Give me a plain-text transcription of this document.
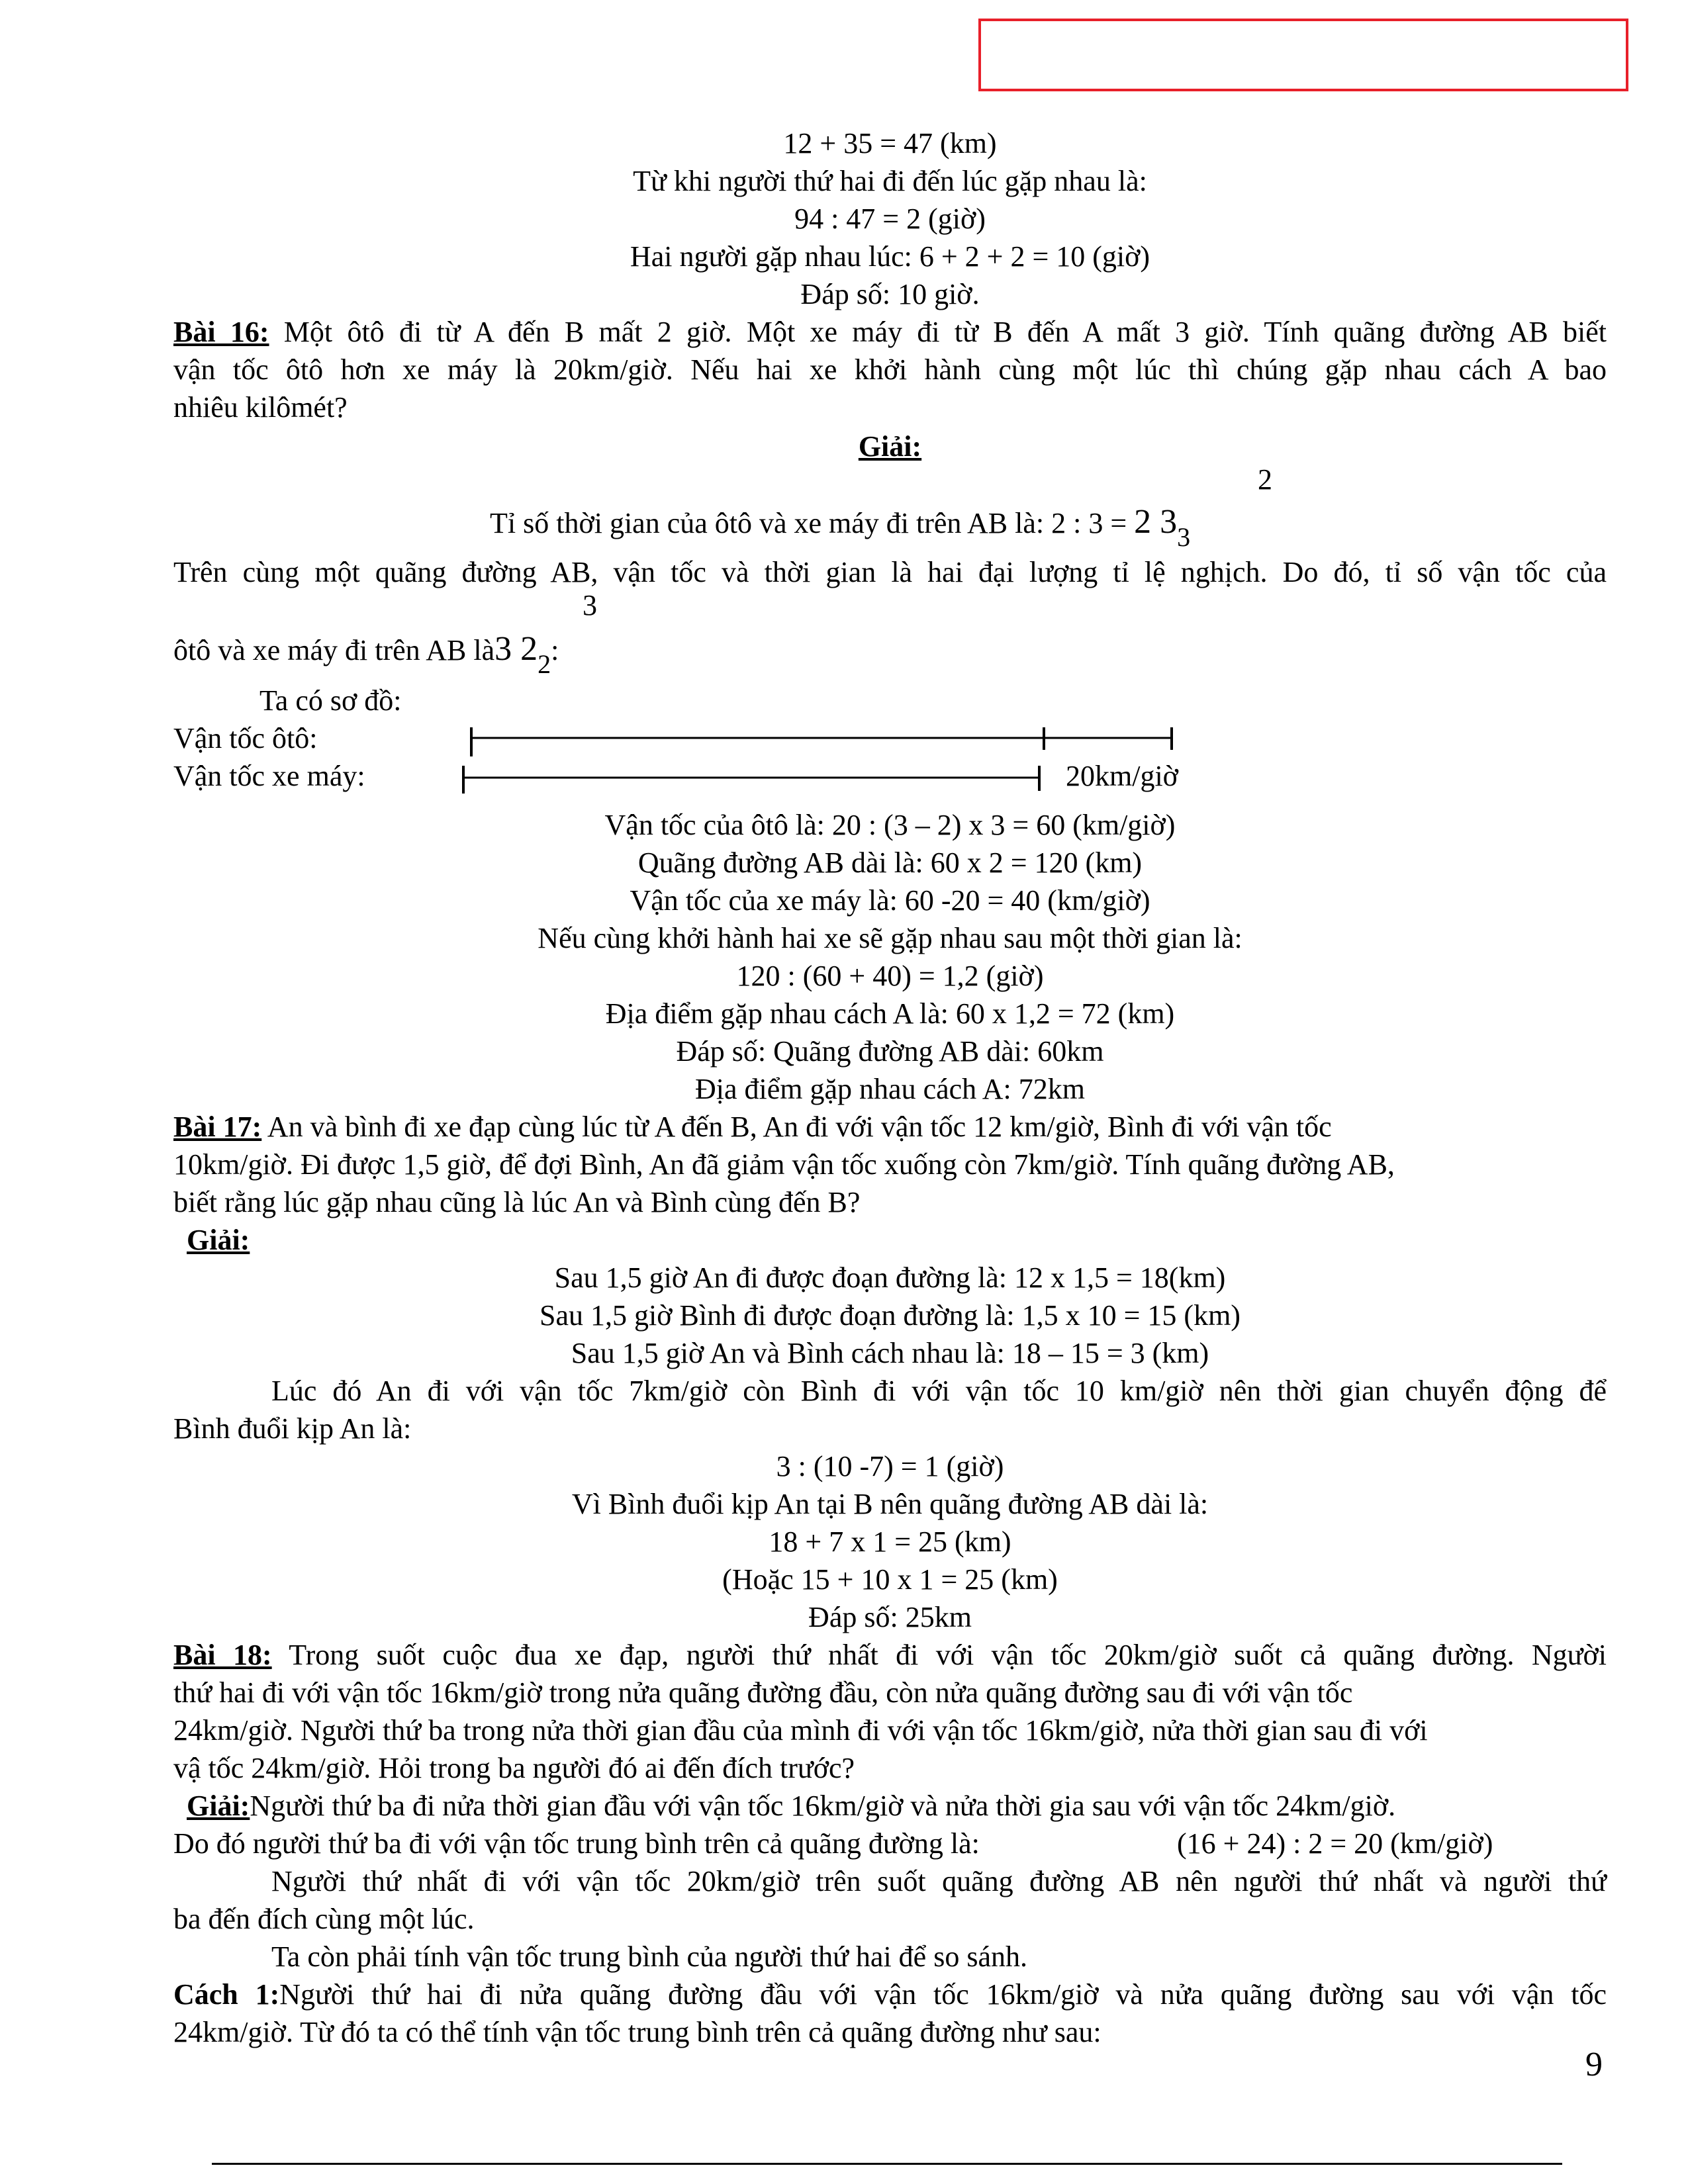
12 + 35 = 47 (km)
Từ khi người thứ hai đi đến lúc gặp nhau là:
94 : 47 = 2 (giờ)
Hai người gặp nhau lúc: 6 + 2 + 2 = 10 (giờ)
Đáp số: 10 giờ.
Bài 16: Một ôtô đi từ A đến B mất 2 giờ. Một xe máy đi từ B đến A mất 3 giờ. Tính quãng đường AB biết
vận tốc ôtô hơn xe máy là 20km/giờ. Nếu hai xe khởi hành cùng một lúc thì chúng gặp nhau cách A bao
nhiêu kilômét?
Giải:
2
Tỉ số thời gian của ôtô và xe máy đi trên AB là: 2 : 3 = 2 33
Trên cùng một quãng đường AB, vận tốc và thời gian là hai đại lượng tỉ lệ nghịch. Do đó, tỉ số vận tốc của
3
ôtô và xe máy đi trên AB là3 22:
Ta có sơ đồ:
Vận tốc ôtô:
Vận tốc xe máy:	20km/giờ
Vận tốc của ôtô là: 20 : (3 – 2) x 3 = 60 (km/giờ)
Quãng đường AB dài là: 60 x 2 = 120 (km)
Vận tốc của xe máy là: 60 -20 = 40 (km/giờ)
Nếu cùng khởi hành hai xe sẽ gặp nhau sau một thời gian là:
120 : (60 + 40) = 1,2 (giờ)
Địa điểm gặp nhau cách A là: 60 x 1,2 = 72 (km)
Đáp số: Quãng đường AB dài: 60km
Địa điểm gặp nhau cách A: 72km
Bài 17: An và bình đi xe đạp cùng lúc từ A đến B, An đi với vận tốc 12 km/giờ, Bình đi với vận tốc
10km/giờ. Đi được 1,5 giờ, để đợi Bình, An đã giảm vận tốc xuống còn 7km/giờ. Tính quãng đường AB,
biết rằng lúc gặp nhau cũng là lúc An và Bình cùng đến B?
Giải:
Sau 1,5 giờ An đi được đoạn đường là: 12 x 1,5 = 18(km)
Sau 1,5 giờ Bình đi được đoạn đường là: 1,5 x 10 = 15 (km)
Sau 1,5 giờ An và Bình cách nhau là: 18 – 15 = 3 (km)
Lúc đó An đi với vận tốc 7km/giờ còn Bình đi với vận tốc 10 km/giờ nên thời gian chuyển động để
Bình đuổi kịp An là:
3 : (10 -7) = 1 (giờ)
Vì Bình đuổi kịp An tại B nên quãng đường AB dài là:
18 + 7 x 1 = 25 (km)
(Hoặc 15 + 10 x 1 = 25 (km)
Đáp số: 25km
Bài 18: Trong suốt cuộc đua xe đạp, người thứ nhất đi với vận tốc 20km/giờ suốt cả quãng đường. Người
thứ hai đi với vận tốc 16km/giờ trong nửa quãng đường đầu, còn nửa quãng đường sau đi với vận tốc
24km/giờ. Người thứ ba trong nửa thời gian đầu của mình đi với vận tốc 16km/giờ, nửa thời gian sau đi với
vậ tốc 24km/giờ. Hỏi trong ba người đó ai đến đích trước?
Giải:Người thứ ba đi nửa thời gian đầu với vận tốc 16km/giờ và nửa thời gia sau với vận tốc 24km/giờ.
Do đó người thứ ba đi với vận tốc trung bình trên cả quãng đường là:	(16 + 24) : 2 = 20 (km/giờ)
Người thứ nhất đi với vận tốc 20km/giờ trên suốt quãng đường AB nên người thứ nhất và người thứ
ba đến đích cùng một lúc.
Ta còn phải tính vận tốc trung bình của người thứ hai để so sánh.
Cách 1:Người thứ hai đi nửa quãng đường đầu với vận tốc 16km/giờ và nửa quãng đường sau với vận tốc
24km/giờ. Từ đó ta có thể tính vận tốc trung bình trên cả quãng đường như sau:
9
